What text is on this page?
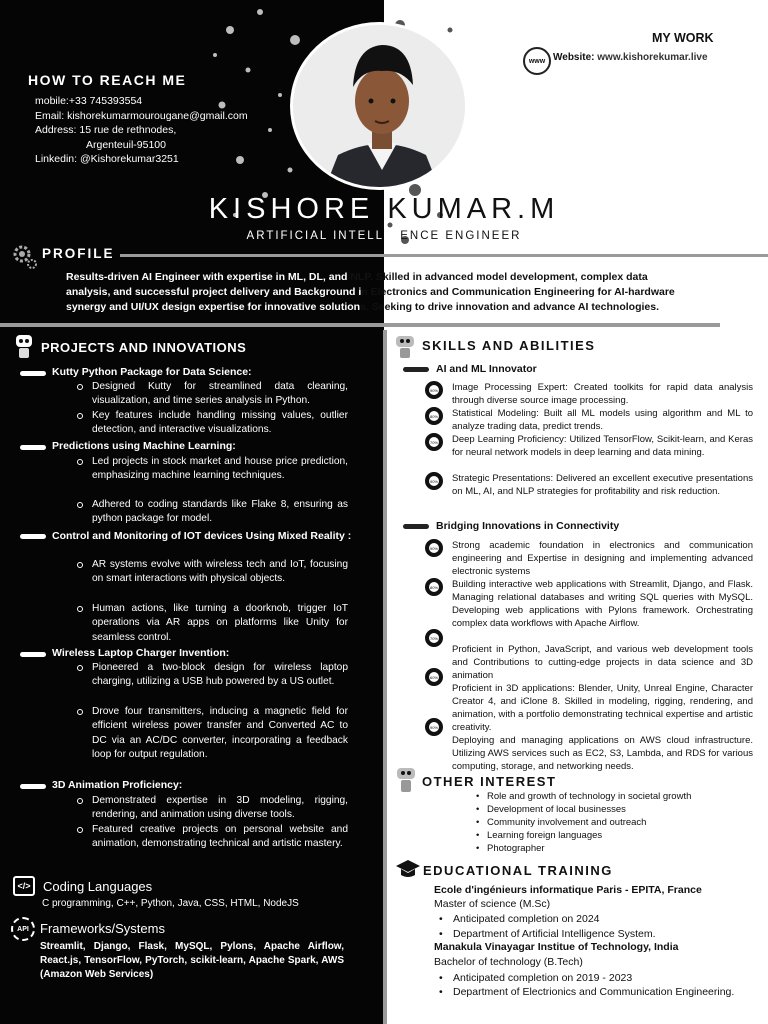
HOW TO REACH ME
mobile:+33 745393554
Email: kishorekumarmourougane@gmail.com
Address: 15 rue de rethnodes,
Argenteuil-95100
Linkedin: @Kishorekumar3251
MY WORK
www Website: www.kishorekumar.live
KISHORE KUMAR.M
ARTIFICIAL INTELLIGENCE ENGINEER
PROFILE
Results-driven AI Engineer with expertise in ML, DL, and NLP. Skilled in advanced model development, complex data
analysis, and successful project delivery and Background in Electronics and Communication Engineering for AI-hardware
synergy and UI/UX design expertise for innovative solutions. Seeking to drive innovation and advance AI technologies.
PROJECTS AND INNOVATIONS
Kutty Python Package for Data Science:
Designed Kutty for streamlined data cleaning, visualization, and time series analysis in Python.
Key features include handling missing values, outlier detection, and interactive visualizations.
Predictions using Machine Learning:
Led projects in stock market and house price prediction, emphasizing machine learning techniques.
Adhered to coding standards like Flake 8, ensuring as python package for model.
Control and Monitoring of IOT devices Using Mixed Reality :
AR systems evolve with wireless tech and IoT, focusing on smart interactions with physical objects.
Human actions, like turning a doorknob, trigger IoT operations via AR apps on platforms like Unity for seamless control.
Wireless Laptop Charger Invention:
Pioneered a two-block design for wireless laptop charging, utilizing a USB hub powered by a US outlet.
Drove four transmitters, inducing a magnetic field for efficient wireless power transfer and Converted AC to DC via an AC/DC converter, incorporating a feedback loop for output regulation.
3D Animation Proficiency:
Demonstrated expertise in 3D modeling, rigging, rendering, and animation using diverse tools.
Featured creative projects on personal website and animation, demonstrating technical and artistic mastery.
</> Coding Languages
C programming, C++, Python, Java, CSS, HTML, NodeJS
API Frameworks/Systems
Streamlit, Django, Flask, MySQL, Pylons, Apache Airflow, React.js, TensorFlow, PyTorch, scikit-learn, Apache Spark, AWS (Amazon Web Services)
SKILLS AND ABILITIES
AI and ML Innovator
90% Image Processing Expert: Created toolkits for rapid data analysis through diverse source image processing.
80% Statistical Modeling: Built all ML models using algorithm and ML to analyze trading data, predict trends.
70% Deep Learning Proficiency: Utilized TensorFlow, Scikit-learn, and Keras for neural network models in deep learning and data mining.
90% Strategic Presentations: Delivered an excellent executive presentations on ML, AI, and NLP strategies for profitability and risk reduction.
Bridging Innovations in Connectivity
90% Strong academic foundation in electronics and communication engineering and Expertise in designing and implementing advanced electronic systems
80% Building interactive web applications with Streamlit, Django, and Flask. Managing relational databases and writing SQL queries with MySQL. Developing web applications with Pylons framework. Orchestrating complex data workflows with Apache Airflow.
70%
Proficient in Python, JavaScript, and various web development tools and Contributions to cutting-edge projects in data science and 3D animation
60%
Proficient in 3D applications: Blender, Unity, Unreal Engine, Character Creator 4, and iClone 8. Skilled in modeling, rigging, rendering, and animation, with a portfolio demonstrating technical expertise and artistic creativity.
90%
Deploying and managing applications on AWS cloud infrastructure. Utilizing AWS services such as EC2, S3, Lambda, and RDS for various computing, storage, and networking needs.
OTHER INTEREST
• Role and growth of technology in societal growth
• Development of local businesses
• Community involvement and outreach
• Learning foreign languages
• Photographer
EDUCATIONAL TRAINING
Ecole d'ingénieurs informatique Paris - EPITA, France
Master of science (M.Sc)
• Anticipated completion on 2024
• Department of Artificial Intelligence System.
Manakula Vinayagar Institue of Technology, India
Bachelor of technology (B.Tech)
• Anticipated completion on 2019 - 2023
• Department of Electrionics and Communication Engineering.
